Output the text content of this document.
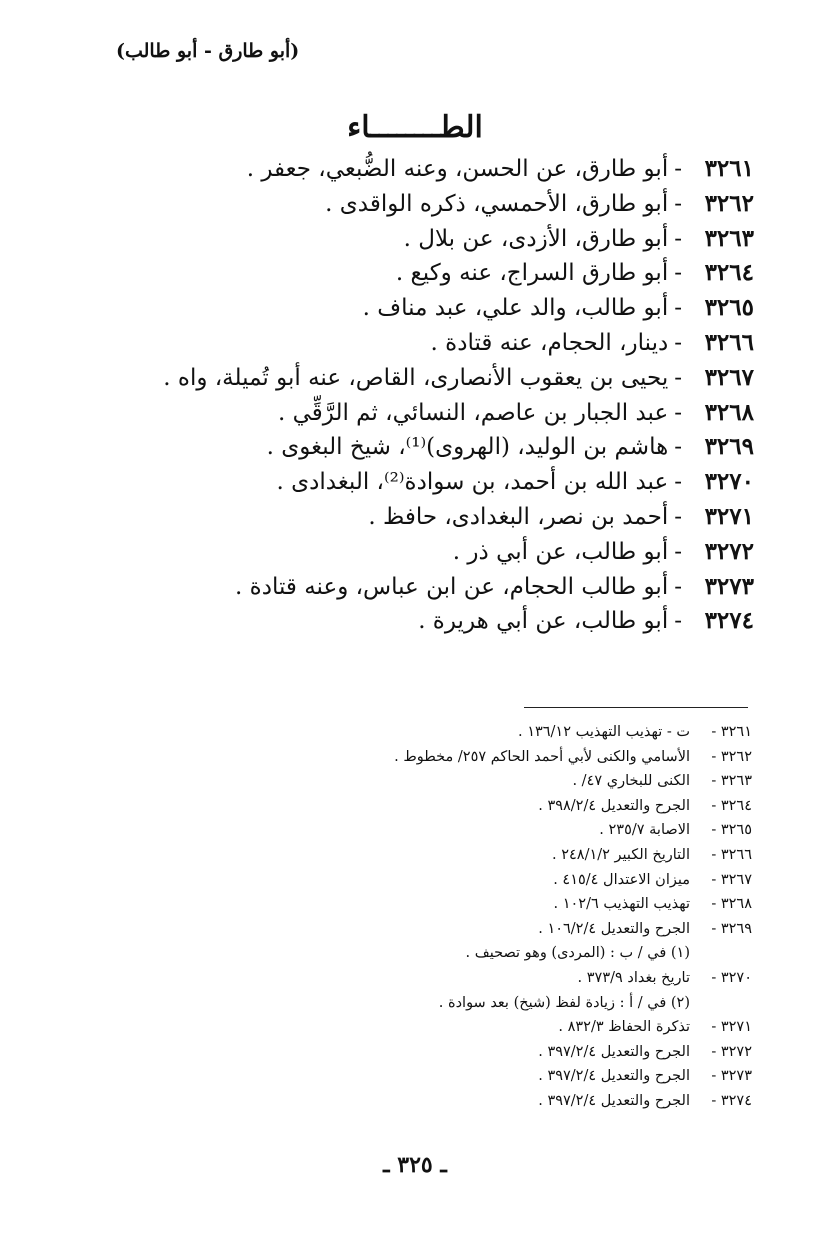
(أبو طارق - أبو طالب)
الطــــــــاء
٣٢٦١
-
أبو طارق، عن الحسن، وعنه الضُّبعي، جعفر .
٣٢٦٢
-
أبو طارق، الأحمسي، ذكره الواقدى .
٣٢٦٣
-
أبو طارق، الأزدى، عن بلال .
٣٢٦٤
-
أبو طارق السراج، عنه وكيع .
٣٢٦٥
-
أبو طالب، والد علي، عبد مناف .
٣٢٦٦
-
دينار، الحجام، عنه قتادة .
٣٢٦٧
-
يحيى بن يعقوب الأنصارى، القاص، عنه أبو تُميلة، واه .
٣٢٦٨
-
عبد الجبار بن عاصم، النسائي، ثم الرَّقِّي .
٣٢٦٩
-
هاشم بن الوليد، (الهروى)⁽¹⁾، شيخ البغوى .
٣٢٧٠
-
عبد الله بن أحمد، بن سوادة⁽²⁾، البغدادى .
٣٢٧١
-
أحمد بن نصر، البغدادى، حافظ .
٣٢٧٢
-
أبو طالب، عن أبي ذر .
٣٢٧٣
-
أبو طالب الحجام، عن ابن عباس، وعنه قتادة .
٣٢٧٤
-
أبو طالب، عن أبي هريرة .
٣٢٦١ -
ت - تهذيب التهذيب ١٣٦/١٢ .
٣٢٦٢ -
الأسامي والكنى لأبي أحمد الحاكم ٢٥٧/ مخطوط .
٣٢٦٣ -
الكنى للبخاري ٤٧/ .
٣٢٦٤ -
الجرح والتعديل ٣٩٨/٢/٤ .
٣٢٦٥ -
الاصابة ٢٣٥/٧ .
٣٢٦٦ -
التاريخ الكبير ٢٤٨/١/٢ .
٣٢٦٧ -
ميزان الاعتدال ٤١٥/٤ .
٣٢٦٨ -
تهذيب التهذيب ١٠٢/٦ .
٣٢٦٩ -
الجرح والتعديل ١٠٦/٢/٤ .
(١) في / ب : (المردى) وهو تصحيف .
٣٢٧٠ -
تاريخ بغداد ٣٧٣/٩ .
(٢) في / أ : زيادة لفظ (شيخ) بعد سوادة .
٣٢٧١ -
تذكرة الحفاظ ٨٣٢/٣ .
٣٢٧٢ -
الجرح والتعديل ٣٩٧/٢/٤ .
٣٢٧٣ -
الجرح والتعديل ٣٩٧/٢/٤ .
٣٢٧٤ -
الجرح والتعديل ٣٩٧/٢/٤ .
ـ ٣٢٥ ـ
